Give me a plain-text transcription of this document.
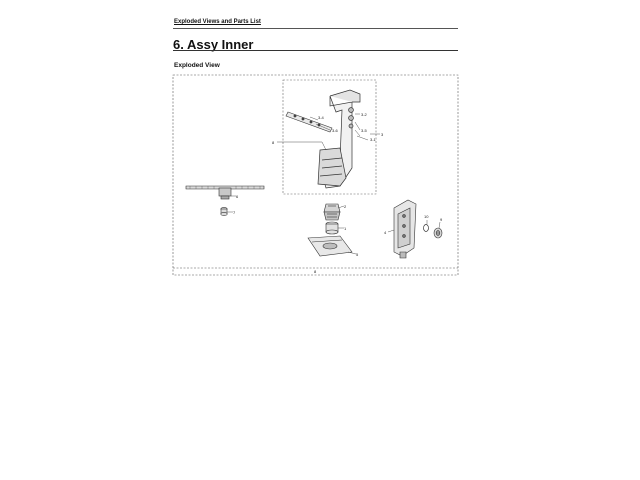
Exploded Views and Parts List
6. Assy Inner
Exploded View
3-4
3-6
3-2
3-5
3-1
8
3
6
7
2
1
5
4
10
9
8
